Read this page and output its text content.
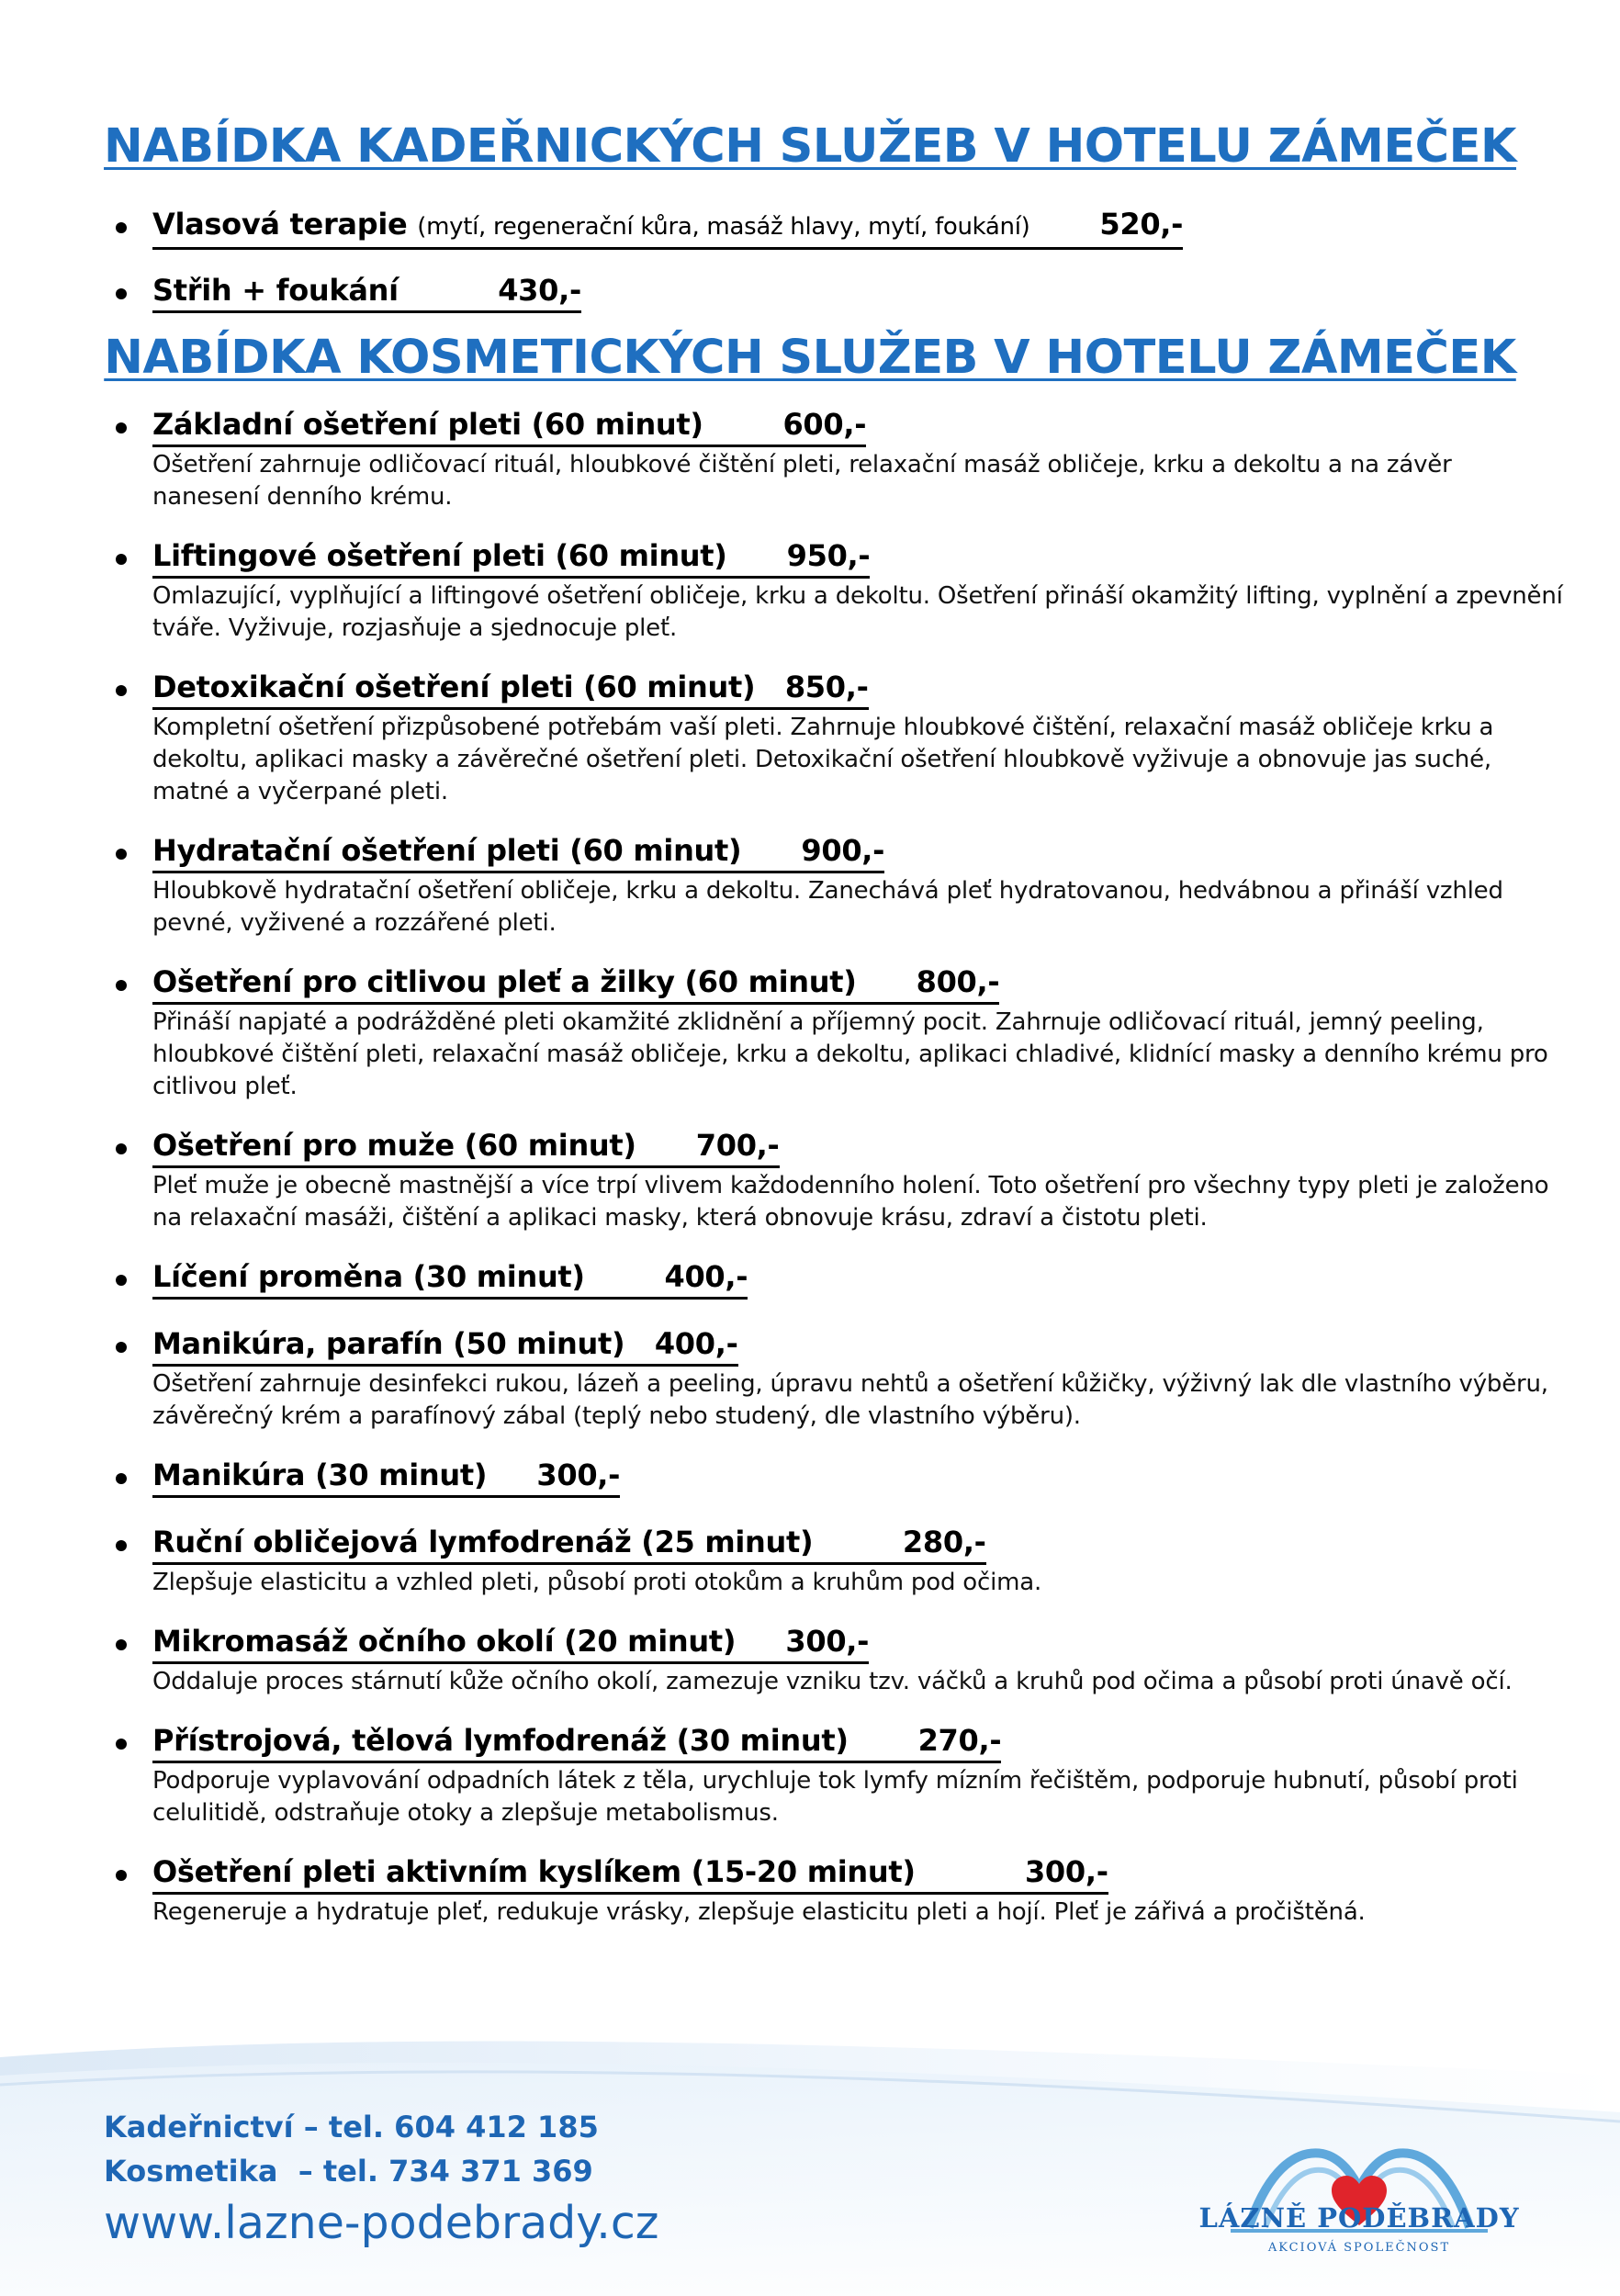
NABÍDKA KADEŘNICKÝCH SLUŽEB V HOTELU ZÁMEČEK
Vlasová terapie (mytí, regenerační kůra, masáž hlavy, mytí, foukání) 520,-
Střih + foukání	430,-
NABÍDKA KOSMETICKÝCH SLUŽEB V HOTELU ZÁMEČEK
Základní ošetření pleti (60 minut)	600,-
Ošetření zahrnuje odličovací rituál, hloubkové čištění pleti, relaxační masáž obličeje, krku a dekoltu a na závěr nanesení denního krému.
Liftingové ošetření pleti (60 minut) 950,-
Omlazující, vyplňující a liftingové ošetření obličeje, krku a dekoltu. Ošetření přináší okamžitý lifting, vyplnění a zpevnění tváře. Vyživuje, rozjasňuje a sjednocuje pleť.
Detoxikační ošetření pleti (60 minut) 850,-
Kompletní ošetření přizpůsobené potřebám vaší pleti. Zahrnuje hloubkové čištění, relaxační masáž obličeje krku a dekoltu, aplikaci masky a závěrečné ošetření pleti. Detoxikační ošetření hloubkově vyživuje a obnovuje jas suché, matné a vyčerpané pleti.
Hydratační ošetření pleti (60 minut) 900,-
Hloubkově hydratační ošetření obličeje, krku a dekoltu. Zanechává pleť hydratovanou, hedvábnou a přináší vzhled pevné, vyživené a rozzářené pleti.
Ošetření pro citlivou pleť a žilky (60 minut) 800,-
Přináší napjaté a podrážděné pleti okamžité zklidnění a příjemný pocit. Zahrnuje odličovací rituál, jemný peeling, hloubkové čištění pleti, relaxační masáž obličeje, krku a dekoltu, aplikaci chladivé, klidnící masky a denního krému pro citlivou pleť.
Ošetření pro muže (60 minut) 700,-
Pleť muže je obecně mastnější a více trpí vlivem každodenního holení. Toto ošetření pro všechny typy pleti je založeno na relaxační masáži, čištění a aplikaci masky, která obnovuje krásu, zdraví a čistotu pleti.
Líčení proměna (30 minut)	400,-
Manikúra, parafín (50 minut) 400,-
Ošetření zahrnuje desinfekci rukou, lázeň a peeling, úpravu nehtů a ošetření kůžičky, výživný lak dle vlastního výběru, závěrečný krém a parafínový zábal (teplý nebo studený, dle vlastního výběru).
Manikúra (30 minut) 300,-
Ruční obličejová lymfodrenáž (25 minut)	280,-
Zlepšuje elasticitu a vzhled pleti, působí proti otokům a kruhům pod očima.
Mikromasáž očního okolí (20 minut) 300,-
Oddaluje proces stárnutí kůže očního okolí, zamezuje vzniku tzv. váčků a kruhů pod očima a působí proti únavě očí.
Přístrojová, tělová lymfodrenáž (30 minut) 270,-
Podporuje vyplavování odpadních látek z těla, urychluje tok lymfy mízním řečištěm, podporuje hubnutí, působí proti celulitidě, odstraňuje otoky a zlepšuje metabolismus.
Ošetření pleti aktivním kyslíkem (15-20 minut)	300,-
Regeneruje a hydratuje pleť, redukuje vrásky, zlepšuje elasticitu pleti a hojí. Pleť je zářivá a pročištěná.
Kadeřnictví – tel. 604 412 185
Kosmetika  – tel. 734 371 369
www.lazne-podebrady.cz	LÁZNĚ PODĚBRADY
AKCIOVÁ SPOLEČNOST
